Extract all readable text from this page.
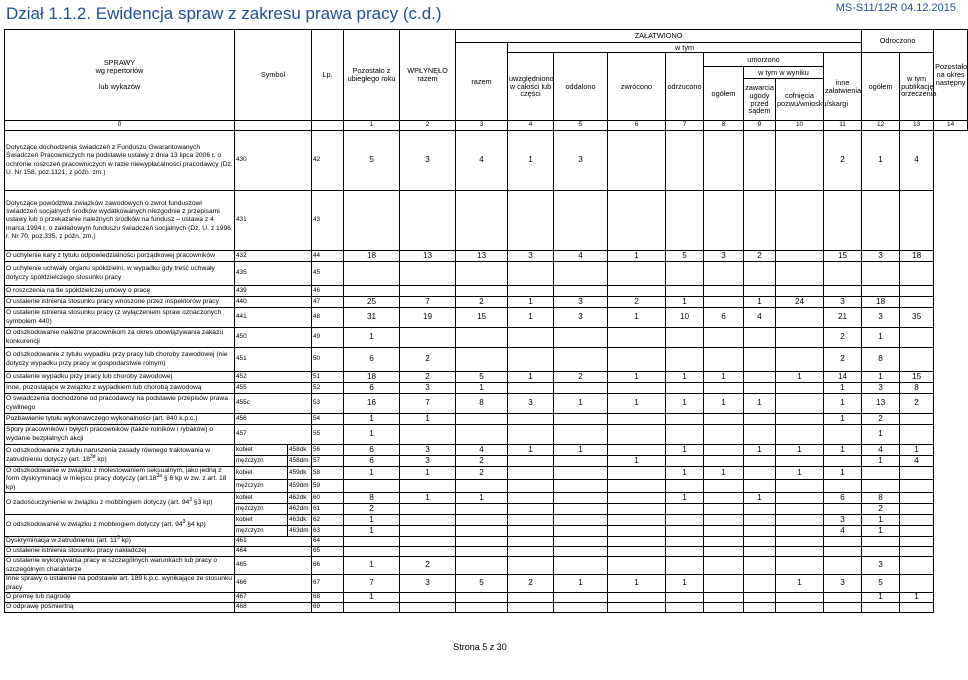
Dział 1.1.2. Ewidencja spraw z zakresu prawa pracy (c.d.)	MS-S11/12R 04.12.2015
SPRAWY
wg repertoriów

lub wykazów	Symbol		Lp.	Pozostało z ubiegłego roku	WPŁYNĘŁO razem	ZAŁATWIONO									Odroczono		Pozostało na okres następny	
						razem	w tym											
							uwzględniono w całości lub części	oddalono	zwrócono	odrzucono	umorzono			inne załatwienia	ogółem	w tym publikację orzeczenia		
											ogółem	w tym w wyniku						
												zawarcia ugody przed sądem	cofnięcia pozwu/wniosku/skargi	
0				1	2	3	4	5	6	7	8	9	10	11	12	13	14	
Dotyczące dochodzenia świadczeń z Funduszu Gwarantowanych Świadczeń Pracowniczych na podstawie ustawy z dnia 13 lipca 2006 r. o ochronie roszczeń pracowniczych w razie niewypłacalności pracodawcy (Dz. U. Nr 158, poz.1121, z późn. zm.)	430		42	5	3	4	1	3						2	1	4		
Dotyczące powództwa związków zawodowych o zwrot funduszowi świadczeń socjalnych środków wydatkowanych niezgodnie z przepisami ustawy lub o przekazanie należnych środków na fundusz – ustawa z 4 marca 1994 r. o zakładowym funduszu świadczeń socjalnych (Dz. U. z 1996 r. Nr 70, poz.335, z późn. zm.)	431		43															
O uchylenie kary z tytułu odpowiedzialności porządkowej pracowników	432		44	18	13	13	3	4	1	5	3	2		15	3	18		
O uchylenie uchwały organu spółdzielni, w wypadku gdy treść uchwały dotyczy spółdzielczego stosunku pracy	435		45															
O roszczenia na tle spółdzielczej umowy o pracę	439		46															
O ustalenie istnienia stosunku pracy wnoszone przez inspektorów pracy	440		47	25	7	2	1	3	2	1		1	24	3	18			
O ustalenie istnienia stosunku pracy (z wyłączeniem spraw oznaczonych symbolem 440)	441		48	31	19	15	1	3	1	10	6	4		21	3	35		
O odszkodowanie należne pracownikom za okres obowiązywania zakazu konkurencji	450		49	1										2	1			
O odszkodowanie z tytułu wypadku przy pracy lub choroby zawodowej (nie dotyczy wypadku przy pracy w gospodarstwie rolnym)	451		50	6	2									2	8			
O ustalenie wypadku przy pracy lub choroby zawodowej	452		51	18	2	5	1	2	1	1	1		1	14	1	15		
Inne, pozostające w związku z wypadkiem lub chorobą zawodową	455		52	6	3	1								1	3	8		
O świadczenia dochodzone od pracodawcy na podstawie przepisów prawa cywilnego	455c		53	16	7	8	3	1	1	1	1	1		1	13	2		
Pozbawienie tytułu wykonawczego wykonalności (art. 840 k.p.c.)	456		54	1	1									1	2			
Spory pracowników i byłych pracowników (także rolników i rybaków) o wydanie bezpłatnych akcji	457		55	1											1			
O odszkodowanie z tytułu naruszenia zasady równego traktowania w zatrudnieniu dotyczy (art. $18^{3d}$ kp)	kobiet	458dk	56	6	3	4	1	1		1		1	1	1	4	1		
	mężczyzn	458dm	57	6	3	2			1						1	4		
O odszkodowanie w związku z molestowaniem seksualnym, jako jedną z form dyskryminacji w miejscu pracy dotyczy ($art.18^{3a}$ § 6 kp w zw. z art. 18 kp)	kobiet	459dk	58	1	1	2				1	1		1	1				
	mężczyzn	459dm	59															
O zadośćuczynienie w związku z mobbingiem dotyczy (art. $94^3$ §3 kp)	kobiet	462dk	60	8	1	1				1		1		6	8			
	mężczyzn	462dm	61	2											2			
O odszkodowanie w związku z mobbingiem dotyczy (art. $94^3$ §4 kp)	kobiet	463dk	62	1										3	1			
	mężczyzn	463dm	63	1										4	1			
Dyskryminacja w zatrudnieniu (art. $11^3$ kp)	461		64															
O ustalenie istnienia stosunku pracy nakładczej	464		65															
O ustalenie wykonywania pracy w szczególnych warunkach lub pracy o szczególnym charakterze	465		66	1	2										3			
Inne sprawy o ustalenie na podstawie art. 189 k.p.c. wynikające ze stosunku pracy	466		67	7	3	5	2	1	1	1			1	3	5			
O premię lub nagrodę	467		68	1											1	1		
O odprawę pośmiertną	468		69															
Strona 5 z 30
